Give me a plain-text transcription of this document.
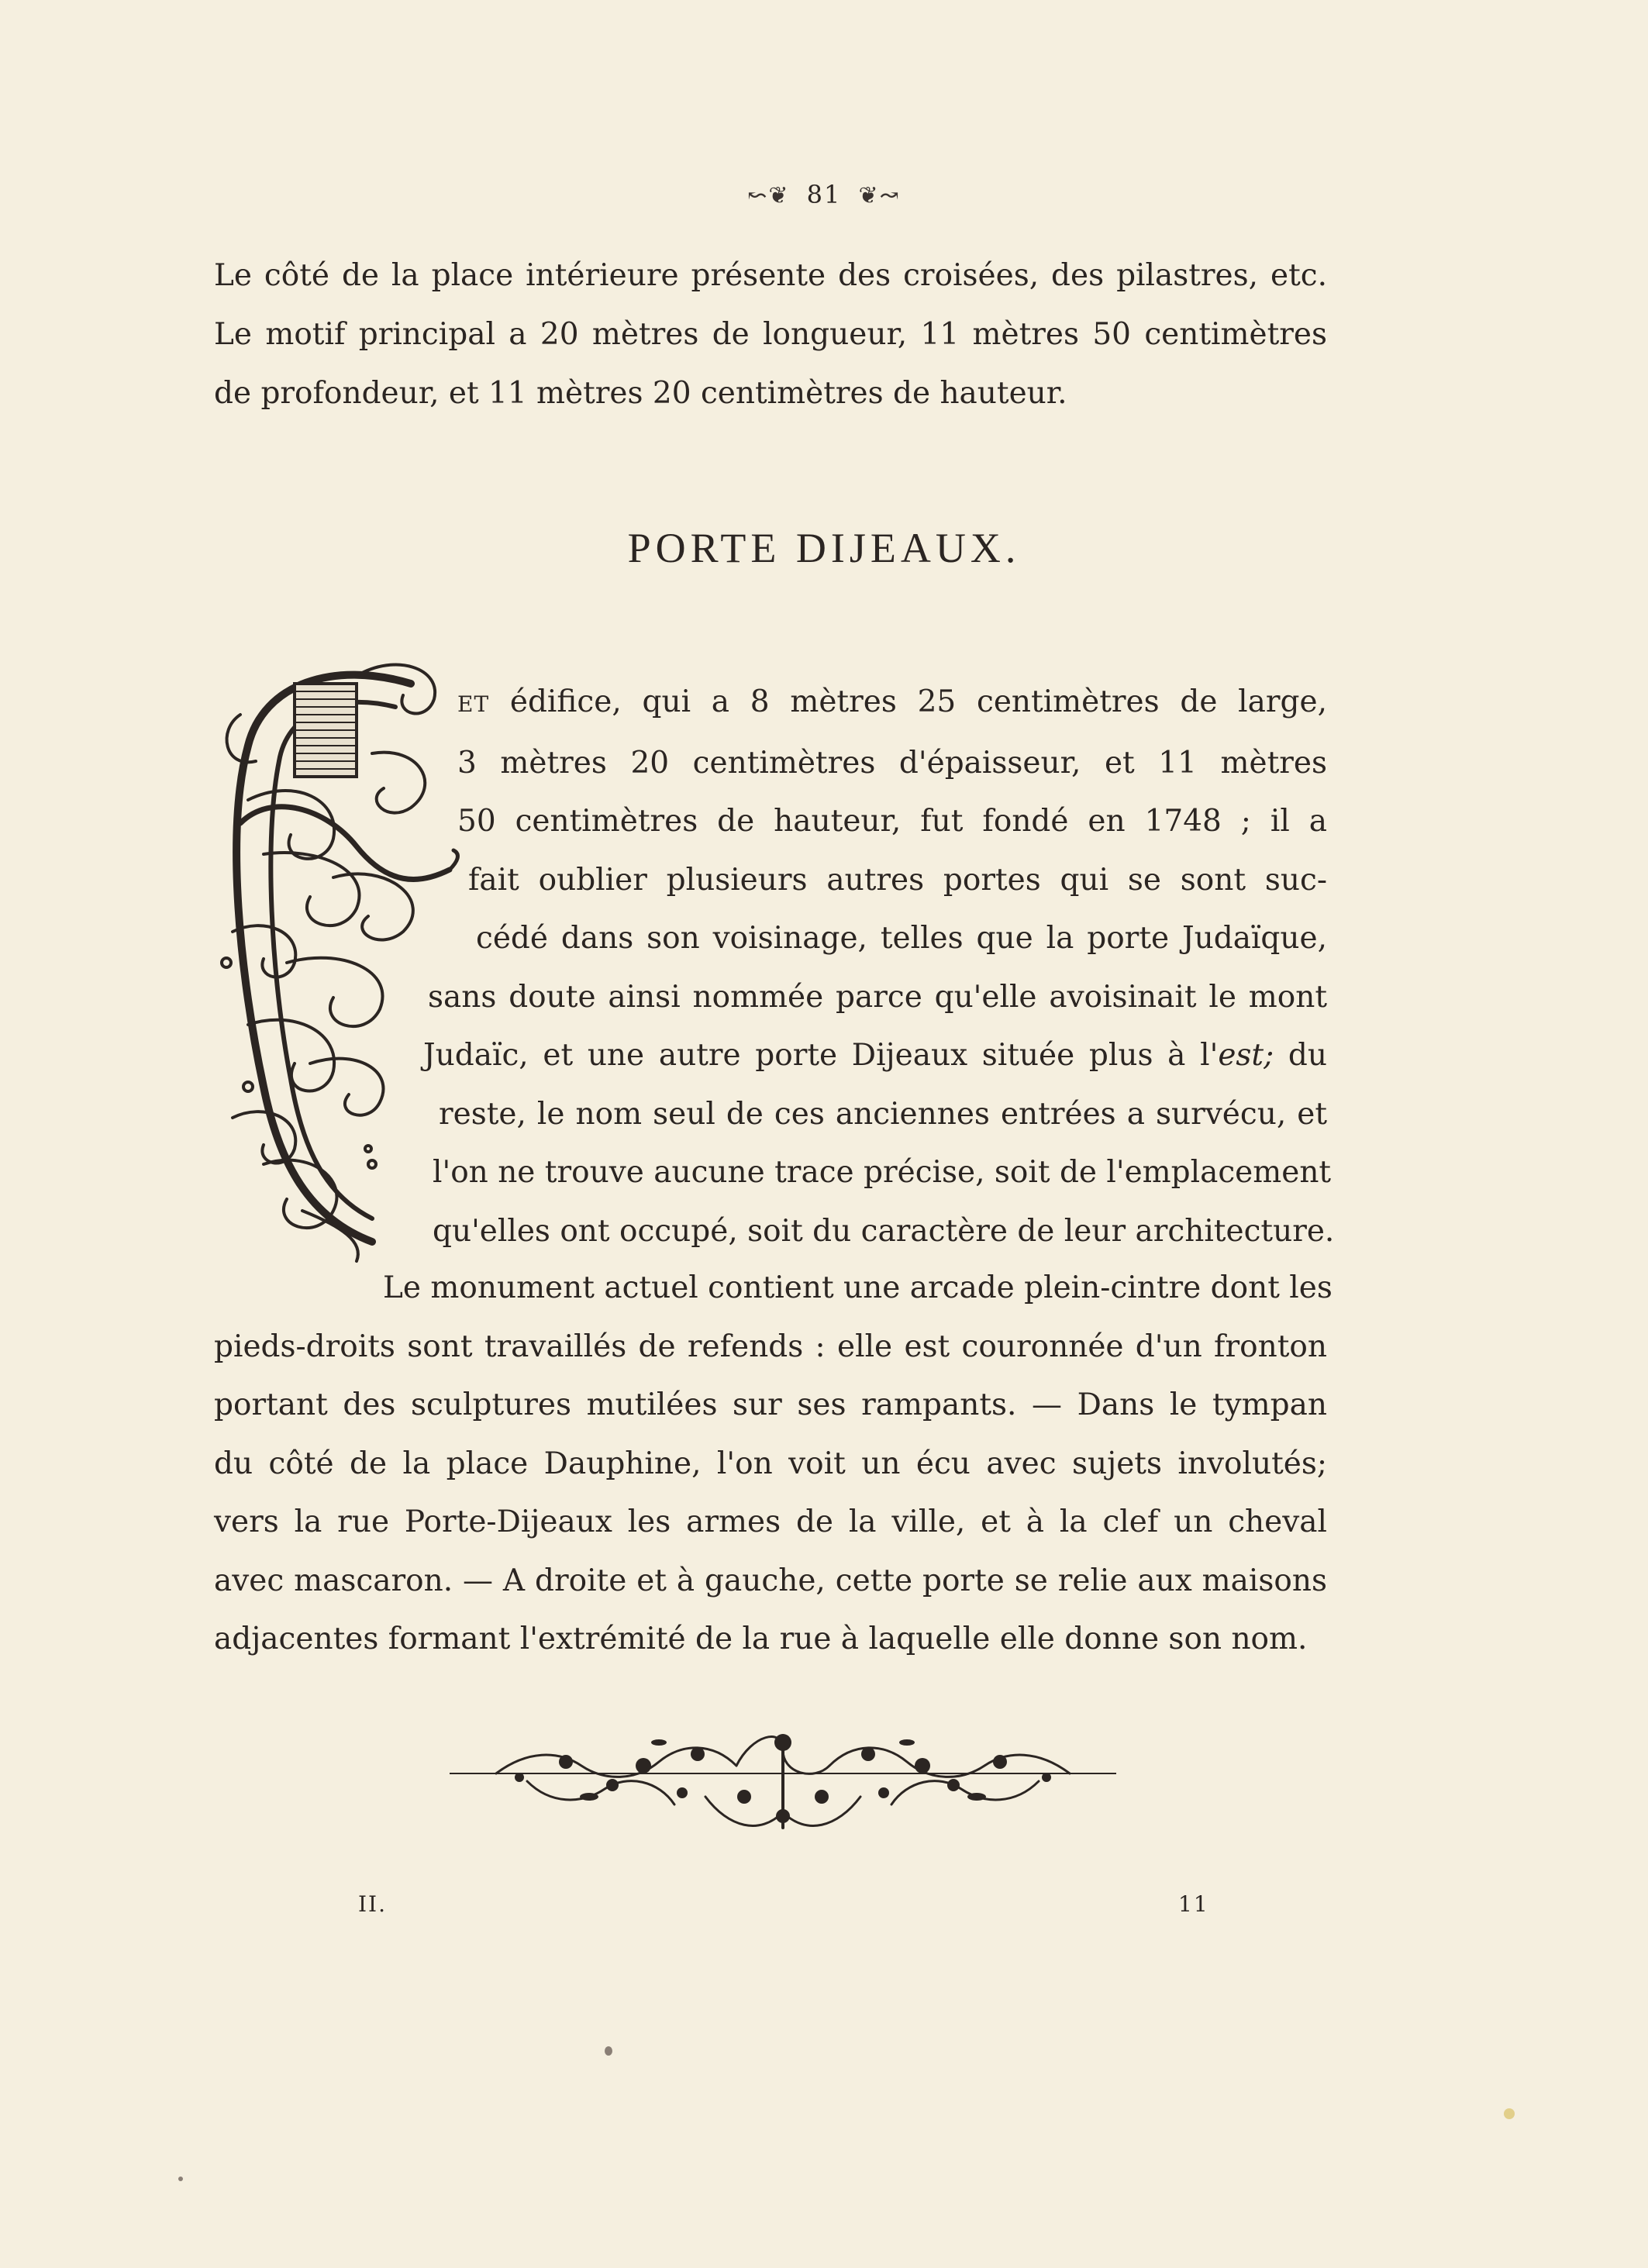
↜❦ 81 ❦↝
Le côté de la place intérieure présente des croisées, des pilastres, etc.
Le motif principal a 20 mètres de longueur, 11 mètres 50 centimètres
de profondeur, et 11 mètres 20 centimètres de hauteur.
PORTE DIJEAUX.
ET édifice, qui a 8 mètres 25 centimètres de large,
3 mètres 20 centimètres d'épaisseur, et 11 mètres
50 centimètres de hauteur, fut fondé en 1748 ; il a
fait oublier plusieurs autres portes qui se sont suc-
cédé dans son voisinage, telles que la porte Judaïque,
sans doute ainsi nommée parce qu'elle avoisinait le mont
Judaïc, et une autre porte Dijeaux située plus à l'est; du
reste, le nom seul de ces anciennes entrées a survécu, et
l'on ne trouve aucune trace précise, soit de l'emplacement
qu'elles ont occupé, soit du caractère de leur architecture.
Le monument actuel contient une arcade plein-cintre dont les
pieds-droits sont travaillés de refends : elle est couronnée d'un fronton
portant des sculptures mutilées sur ses rampants. — Dans le tympan
du côté de la place Dauphine, l'on voit un écu avec sujets involutés;
vers la rue Porte-Dijeaux les armes de la ville, et à la clef un cheval
avec mascaron. — A droite et à gauche, cette porte se relie aux maisons
adjacentes formant l'extrémité de la rue à laquelle elle donne son nom.
II.	11
